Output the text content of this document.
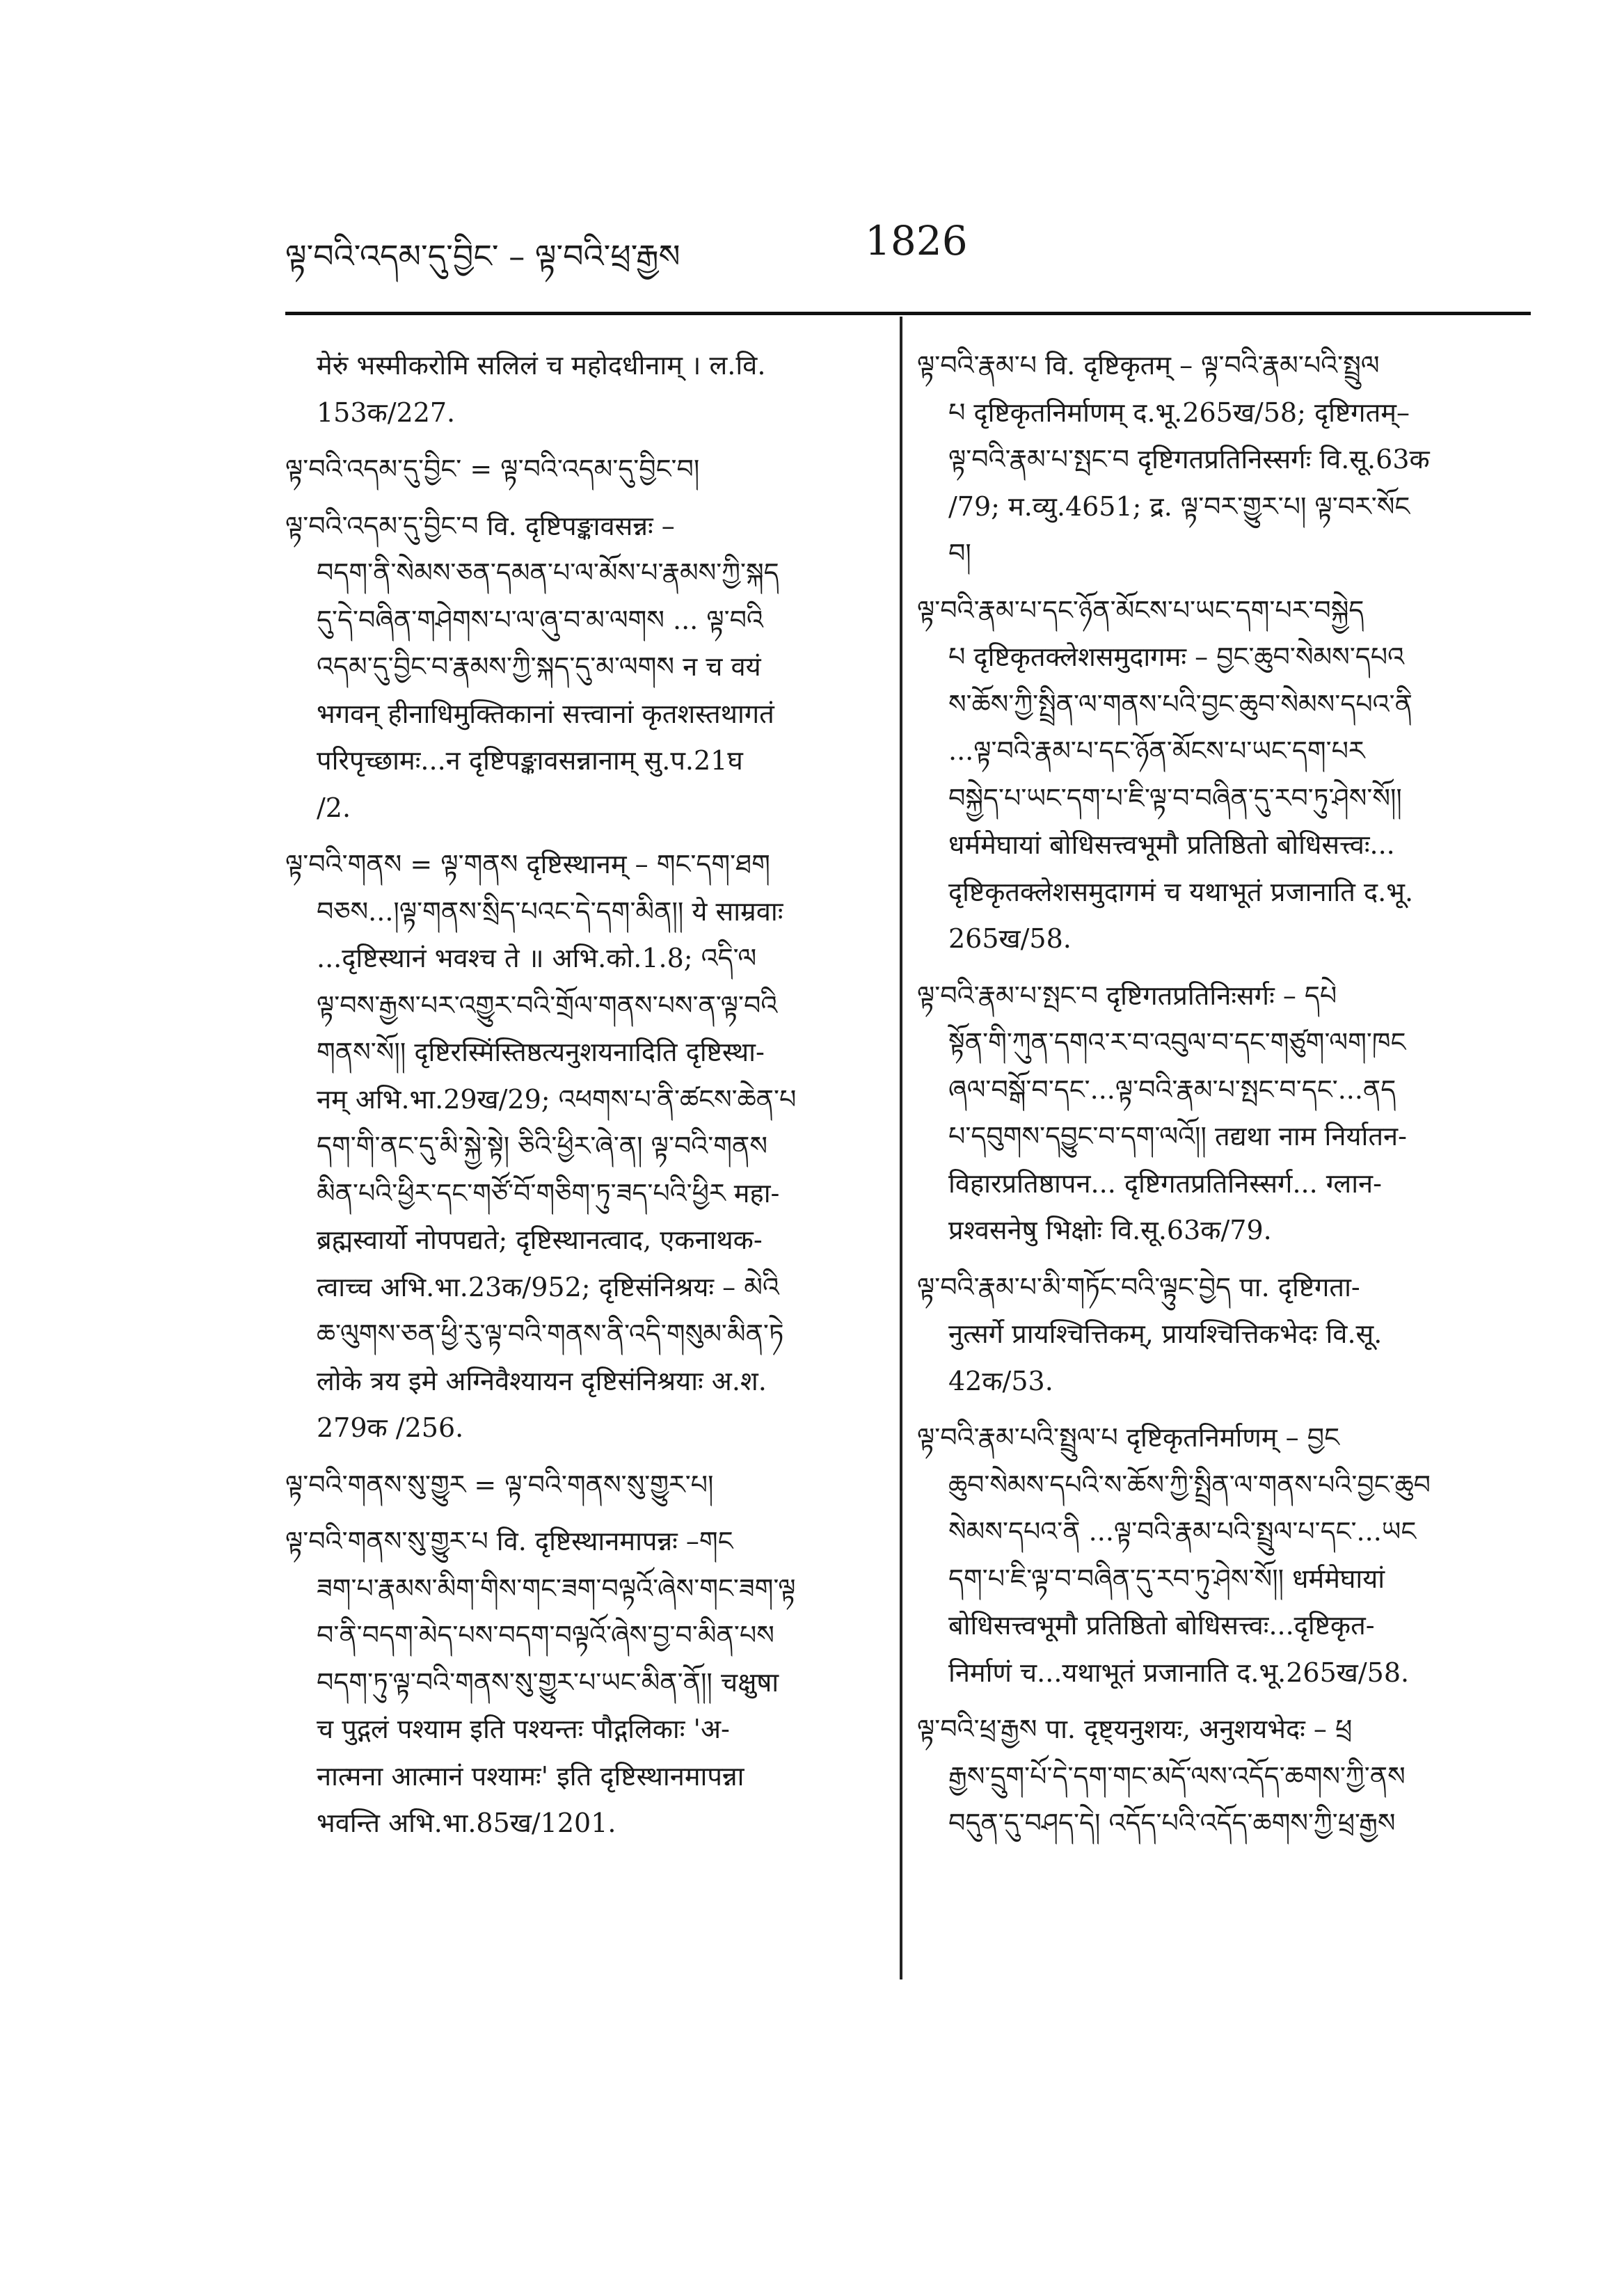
ལྟ་བའི་འདམ་དུ་བྱིང་ – ལྟ་བའི་ཕྲ་རྒྱས	1826
मेरुं भस्मीकरोमि सलिलं च महोदधीनाम् । ल.वि.
153क/227.
ལྟ་བའི་འདམ་དུ་བྱིང་ = ལྟ་བའི་འདམ་དུ་བྱིང་བ།
ལྟ་བའི་འདམ་དུ་བྱིང་བ वि. दृष्टिपङ्कावसन्नः –
བདག་ནི་སེམས་ཅན་དམན་པ་ལ་མོས་པ་རྣམས་ཀྱི་སྐད
དུ་དེ་བཞིན་གཤེགས་པ་ལ་ཞུ་བ་མ་ལགས ... ལྟ་བའི
འདམ་དུ་བྱིང་བ་རྣམས་ཀྱི་སྐད་དུ་མ་ལགས न च वयं
भगवन् हीनाधिमुक्तिकानां सत्त्वानां कृतशस्तथागतं
परिपृच्छामः...न दृष्टिपङ्कावसन्नानाम् सु.प.21घ
/2.
ལྟ་བའི་གནས = ལྟ་གནས दृष्टिस्थानम् – གང་དག་ཐག
བཅས...།ལྟ་གནས་སྲིད་པའང་དེ་དག་མིན།། ये साम्रवाः
...दृष्टिस्थानं भवश्च ते ॥ अभि.को.1.8; འདི་ལ
ལྟ་བས་རྒྱས་པར་འགྱུར་བའི་གྲོལ་གནས་པས་ན་ལྟ་བའི
གནས་སོ།། दृष्टिरस्मिंस्तिष्ठत्यनुशयनादिति दृष्टिस्था-
नम् अभि.भा.29ख/29; འཕགས་པ་ནི་ཚངས་ཆེན་པ
དག་གི་ནང་དུ་མི་སྐྱེ་སྟེ། ཅིའི་ཕྱིར་ཞེ་ན། ལྟ་བའི་གནས
མིན་པའི་ཕྱིར་དང་གཙོ་བོ་གཅིག་ཏུ་ཟད་པའི་ཕྱིར महा-
ब्रह्मस्वार्यो नोपपद्यते; दृष्टिस्थानत्वाद, एकनाथक-
त्वाच्च अभि.भा.23क/952; दृष्टिसंनिश्रयः – མེའི
ཆ་ལུགས་ཅན་ཕྱི་རུ་ལྟ་བའི་གནས་ནི་འདི་གསུམ་མིན་ཏེ
लोके त्रय इमे अग्निवैश्यायन दृष्टिसंनिश्रयाः अ.श.
279क /256.
ལྟ་བའི་གནས་སུ་གྱུར = ལྟ་བའི་གནས་སུ་གྱུར་པ།
ལྟ་བའི་གནས་སུ་གྱུར་པ वि. दृष्टिस्थानमापन्नः –གང
ཟག་པ་རྣམས་མིག་གིས་གང་ཟག་བལྟའོ་ཞེས་གང་ཟག་ལྟ
བ་ནི་བདག་མེད་པས་བདག་བལྟའོ་ཞེས་བྱ་བ་མིན་པས
བདག་ཏུ་ལྟ་བའི་གནས་སུ་གྱུར་པ་ཡང་མིན་ནོ།། चक्षुषा
च पुद्गलं पश्याम इति पश्यन्तः पौद्गलिकाः 'अ-
नात्मना आत्मानं पश्यामः' इति दृष्टिस्थानमापन्ना
भवन्ति अभि.भा.85ख/1201.
ལྟ་བའི་རྣམ་པ वि. दृष्टिकृतम् – ལྟ་བའི་རྣམ་པའི་སྤྲུལ
པ दृष्टिकृतनिर्माणम् द.भू.265ख/58; दृष्टिगतम्–
ལྟ་བའི་རྣམ་པ་སྤང་བ दृष्टिगतप्रतिनिस्सर्गः वि.सू.63क
/79; म.व्यु.4651; द्र. ལྟ་བར་གྱུར་པ། ལྟ་བར་སོང
བ།
ལྟ་བའི་རྣམ་པ་དང་ཉོན་མོངས་པ་ཡང་དག་པར་བསྐྱེད
པ दृष्टिकृतक्लेशसमुदागमः – བྱང་ཆུབ་སེམས་དཔའ
ས་ཆོས་ཀྱི་སྤྲིན་ལ་གནས་པའི་བྱང་ཆུབ་སེམས་དཔའ་ནི
...ལྟ་བའི་རྣམ་པ་དང་ཉོན་མོངས་པ་ཡང་དག་པར
བསྐྱེད་པ་ཡང་དག་པ་ཇི་ལྟ་བ་བཞིན་དུ་རབ་ཏུ་ཤེས་སོ།།
धर्ममेघायां बोधिसत्त्वभूमौ प्रतिष्ठितो बोधिसत्त्वः...
दृष्टिकृतक्लेशसमुदागमं च यथाभूतं प्रजानाति द.भू.
265ख/58.
ལྟ་བའི་རྣམ་པ་སྤང་བ दृष्टिगतप्रतिनिःसर्गः – དཔེ
སྟོན་གི་ཀུན་དགའ་ར་བ་འབུལ་བ་དང་གཙུག་ལག་ཁང
ཞལ་བསྒོ་བ་དང་...ལྟ་བའི་རྣམ་པ་སྤང་བ་དང་...ནད
པ་དབུགས་དབྱུང་བ་དག་ལའོ།། तद्यथा नाम निर्यातन-
विहारप्रतिष्ठापन... दृष्टिगतप्रतिनिस्सर्ग... ग्लान-
प्रश्वसनेषु भिक्षोः वि.सू.63क/79.
ལྟ་བའི་རྣམ་པ་མི་གཏོང་བའི་ལྟུང་བྱེད पा. दृष्टिगता-
नुत्सर्गे प्रायश्चित्तिकम्, प्रायश्चित्तिकभेदः वि.सू.
42क/53.
ལྟ་བའི་རྣམ་པའི་སྤྲུལ་པ दृष्टिकृतनिर्माणम् – བྱང
ཆུབ་སེམས་དཔའི་ས་ཆོས་ཀྱི་སྤྲིན་ལ་གནས་པའི་བྱང་ཆུབ
སེམས་དཔའ་ནི ...ལྟ་བའི་རྣམ་པའི་སྤྲུལ་པ་དང་...ཡང
དག་པ་ཇི་ལྟ་བ་བཞིན་དུ་རབ་ཏུ་ཤེས་སོ།། धर्ममेघायां
बोधिसत्त्वभूमौ प्रतिष्ठितो बोधिसत्त्वः...दृष्टिकृत-
निर्माणं च...यथाभूतं प्रजानाति द.भू.265ख/58.
ལྟ་བའི་ཕྲ་རྒྱས पा. दृष्ट्यनुशयः, अनुशयभेदः – ཕྲ
རྒྱས་དྲུག་པོ་དེ་དག་གང་མདོ་ལས་འདོད་ཆགས་ཀྱི་ནས
བདུན་དུ་བཤད་དེ། འདོད་པའི་འདོད་ཆགས་ཀྱི་ཕྲ་རྒྱས
